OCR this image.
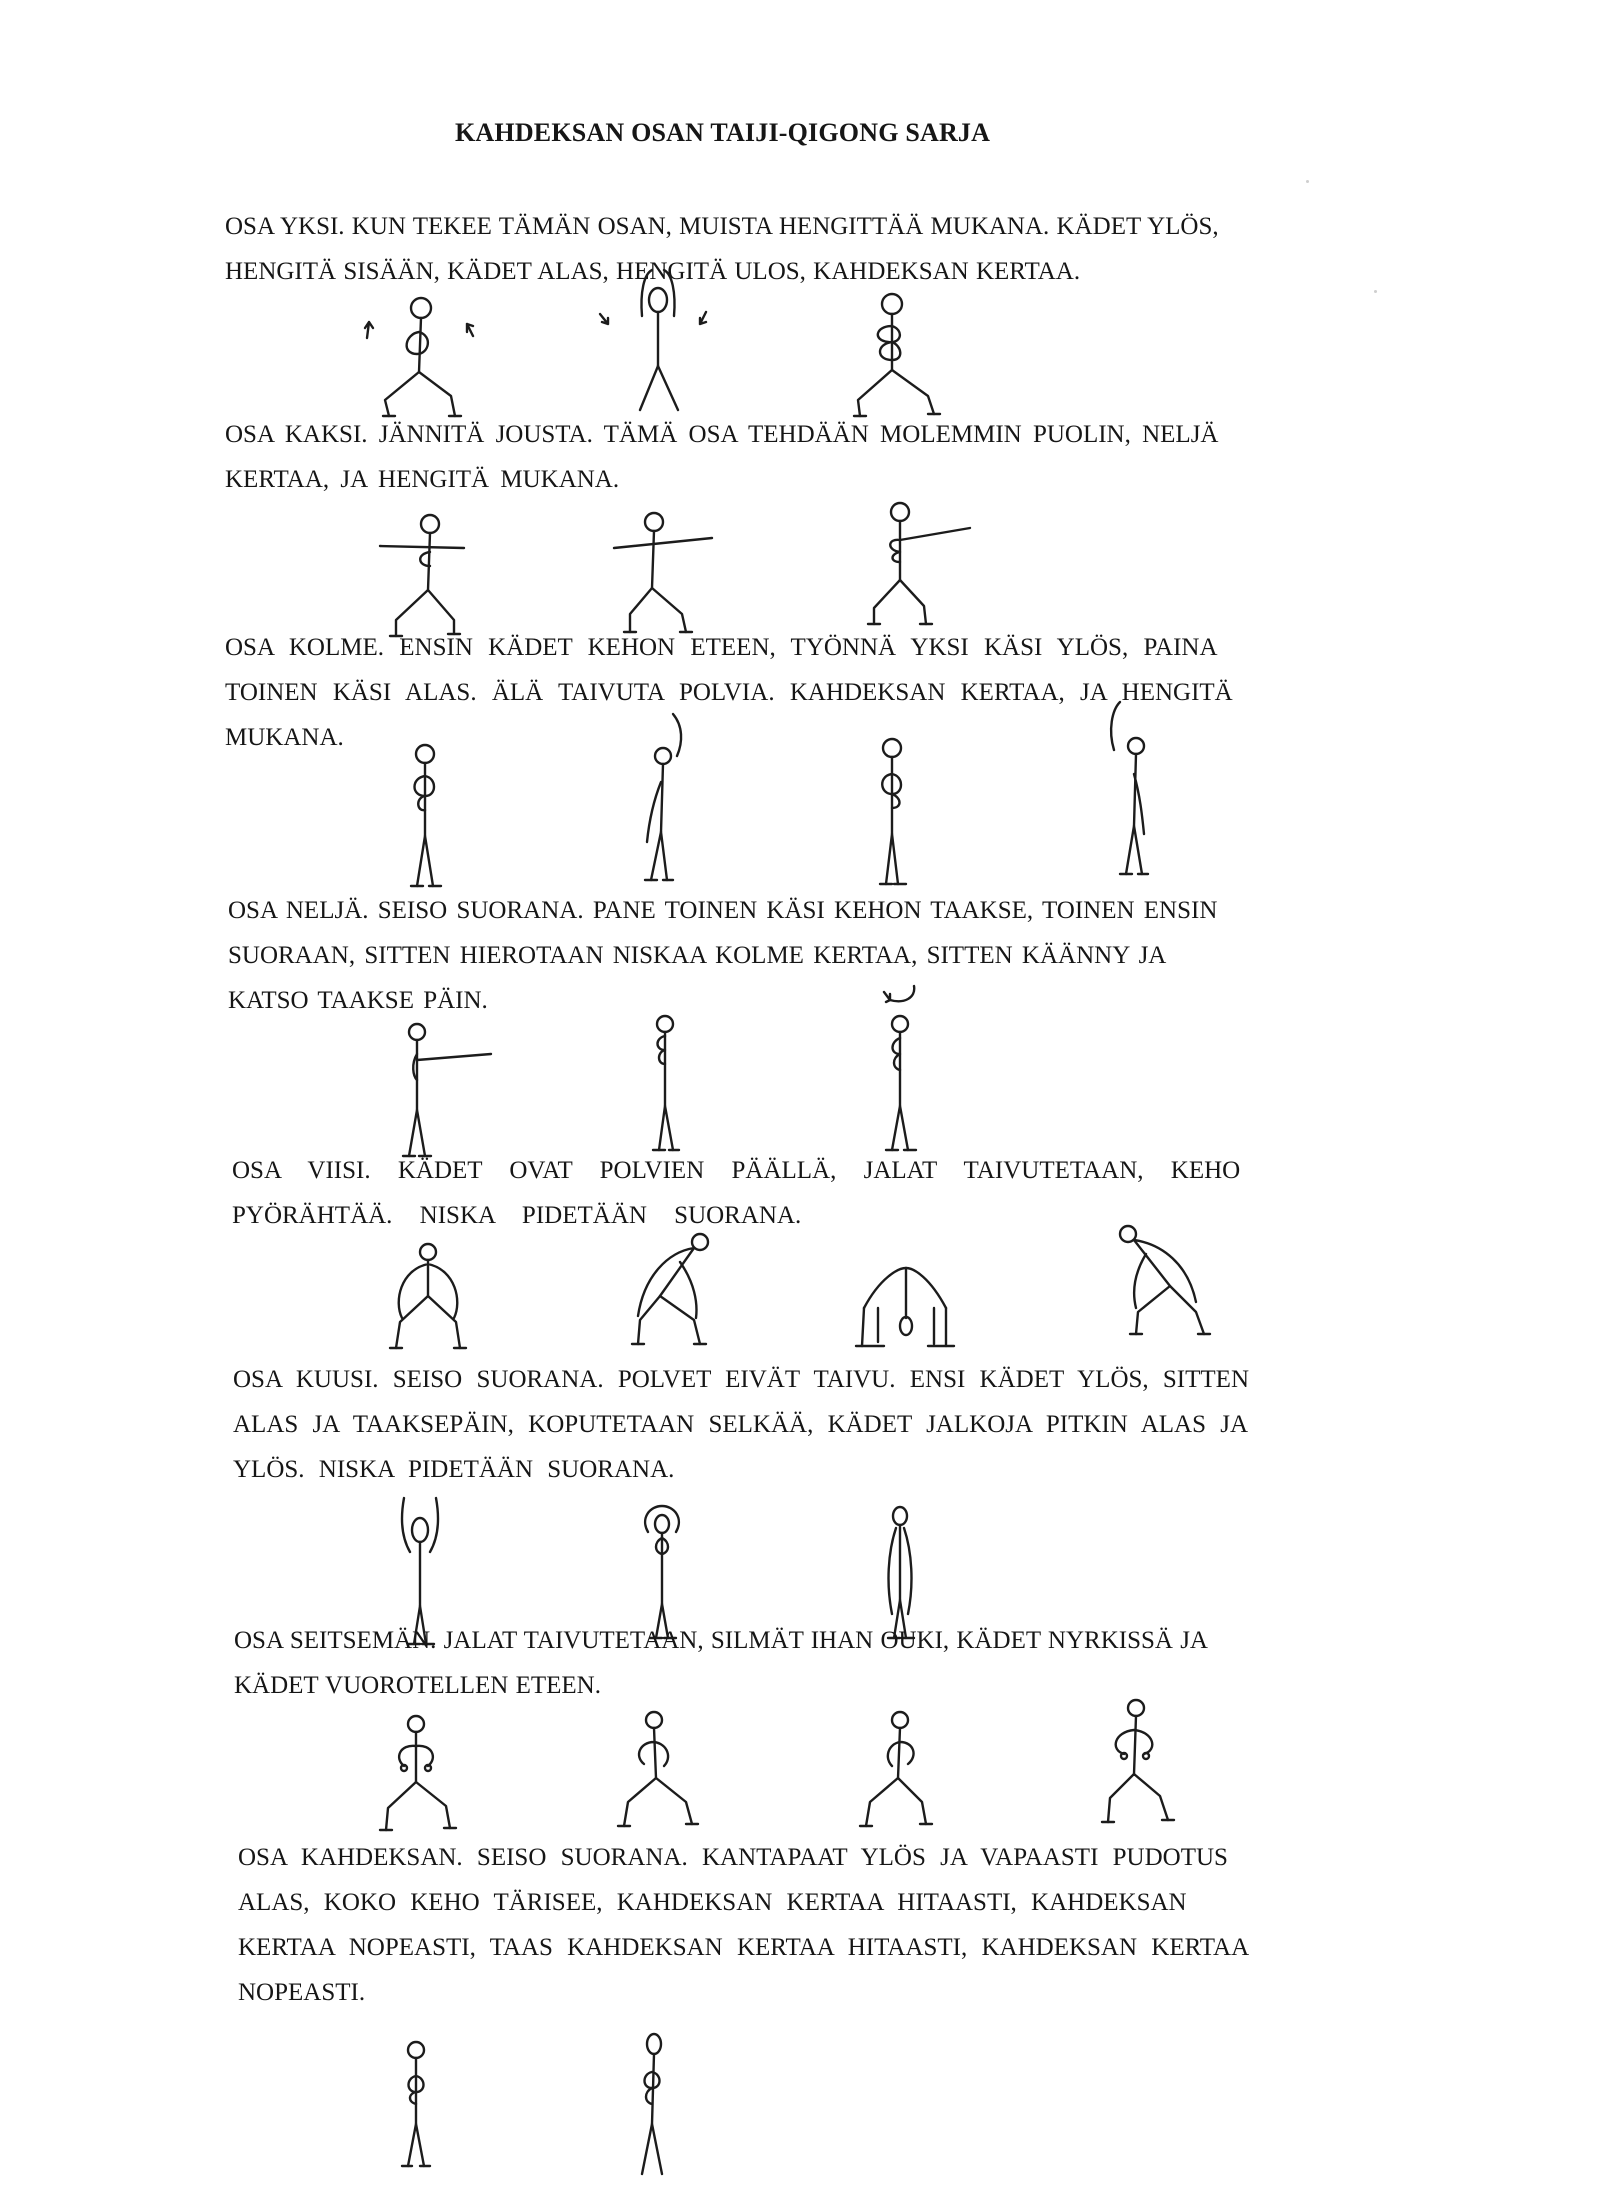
KAHDEKSAN OSAN TAIJI-QIGONG SARJA
OSA YKSI. KUN TEKEE TÄMÄN OSAN, MUISTA HENGITTÄÄ MUKANA. KÄDET YLÖS,
HENGITÄ SISÄÄN, KÄDET ALAS, HENGITÄ ULOS, KAHDEKSAN KERTAA.
OSA KAKSI. JÄNNITÄ JOUSTA. TÄMÄ OSA TEHDÄÄN MOLEMMIN PUOLIN, NELJÄ
KERTAA, JA HENGITÄ MUKANA.
OSA KOLME. ENSIN KÄDET KEHON ETEEN, TYÖNNÄ YKSI KÄSI YLÖS, PAINA
TOINEN KÄSI ALAS. ÄLÄ TAIVUTA POLVIA. KAHDEKSAN KERTAA, JA HENGITÄ
MUKANA.
OSA NELJÄ. SEISO SUORANA. PANE TOINEN KÄSI KEHON TAAKSE, TOINEN ENSIN
SUORAAN, SITTEN HIEROTAAN NISKAA KOLME KERTAA, SITTEN KÄÄNNY JA
KATSO TAAKSE PÄIN.
OSA VIISI. KÄDET OVAT POLVIEN PÄÄLLÄ, JALAT TAIVUTETAAN, KEHO
PYÖRÄHTÄÄ. NISKA PIDETÄÄN SUORANA.
OSA KUUSI. SEISO SUORANA. POLVET EIVÄT TAIVU. ENSI KÄDET YLÖS, SITTEN
ALAS JA TAAKSEPÄIN, KOPUTETAAN SELKÄÄ, KÄDET JALKOJA PITKIN ALAS JA
YLÖS. NISKA PIDETÄÄN SUORANA.
OSA SEITSEMÄN. JALAT TAIVUTETAAN, SILMÄT IHAN OUKI, KÄDET NYRKISSÄ JA
KÄDET VUOROTELLEN ETEEN.
OSA KAHDEKSAN. SEISO SUORANA. KANTAPAAT YLÖS JA VAPAASTI PUDOTUS
ALAS, KOKO KEHO TÄRISEE, KAHDEKSAN KERTAA HITAASTI, KAHDEKSAN
KERTAA NOPEASTI, TAAS KAHDEKSAN KERTAA HITAASTI, KAHDEKSAN KERTAA
NOPEASTI.
